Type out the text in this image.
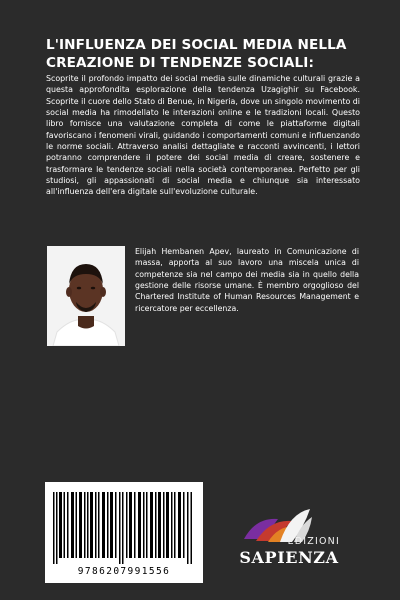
L'INFLUENZA DEI SOCIAL MEDIA NELLA CREAZIONE DI TENDENZE SOCIALI:
Scoprite il profondo impatto dei social media sulle dinamiche culturali grazie a questa approfondita esplorazione della tendenza Uzagighir su Facebook. Scoprite il cuore dello Stato di Benue, in Nigeria, dove un singolo movimento di social media ha rimodellato le interazioni online e le tradizioni locali. Questo libro fornisce una valutazione completa di come le piattaforme digitali favoriscano i fenomeni virali, guidando i comportamenti comuni e influenzando le norme sociali. Attraverso analisi dettagliate e racconti avvincenti, i lettori potranno comprendere il potere dei social media di creare, sostenere e trasformare le tendenze sociali nella società contemporanea. Perfetto per gli studiosi, gli appassionati di social media e chiunque sia interessato all'influenza dell'era digitale sull'evoluzione culturale.
Elijah Hembanen Apev, laureato in Comunicazione di massa, apporta al suo lavoro una miscela unica di competenze sia nel campo dei media sia in quello della gestione delle risorse umane. È membro orgoglioso del Chartered Institute of Human Resources Management e ricercatore per eccellenza.
9786207991556
EDIZIONI
SAPIENZA
